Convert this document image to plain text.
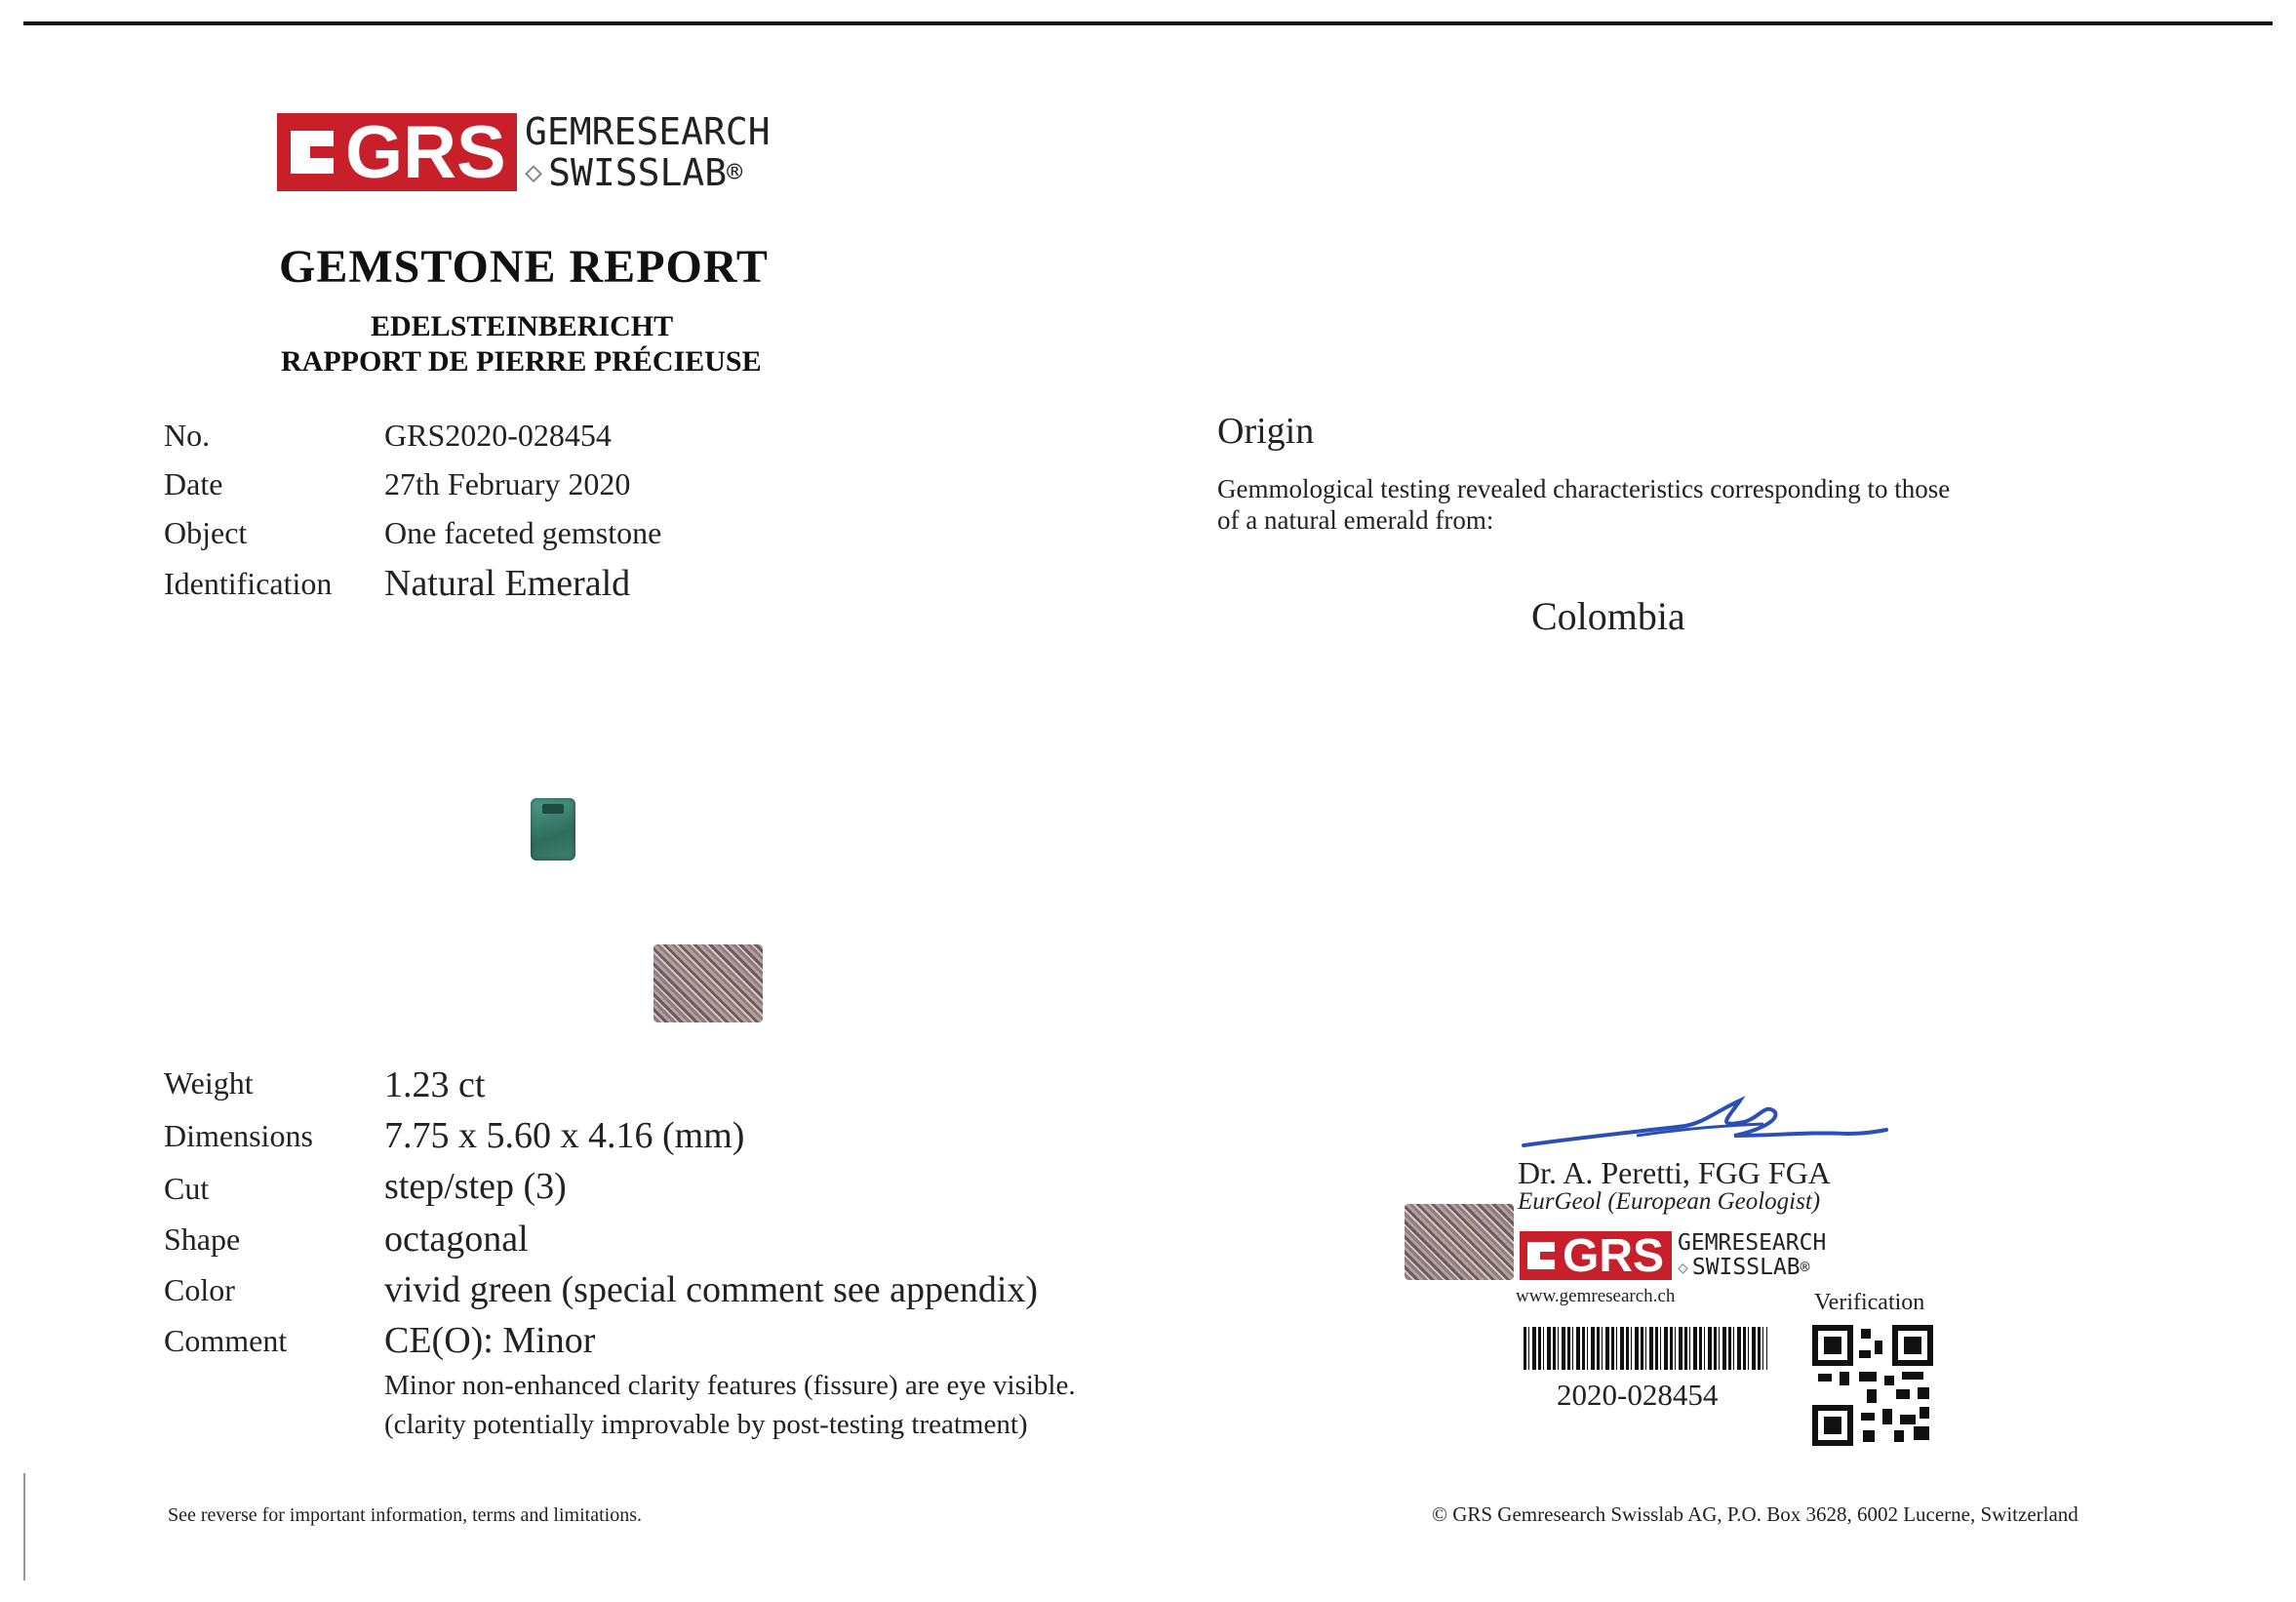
GRS GEMRESEARCH
◇ SWISSLAB ®
GEMSTONE REPORT
EDELSTEINBERICHT
RAPPORT DE PIERRE PRÉCIEUSE
No.	GRS2020-028454
Date	27th February 2020
Object	One faceted gemstone
Identification Natural Emerald
Origin
Gemmological testing revealed characteristics corresponding to those
of a natural emerald from:
Colombia
Weight	1.23 ct
Dimensions 7.75 x 5.60 x 4.16 (mm)
Cut	step/step (3)
Shape	octagonal
Color	vivid green (special comment see appendix)
Comment	CE(O): Minor
Minor non-enhanced clarity features (fissure) are eye visible.
(clarity potentially improvable by post-testing treatment)
Dr. A. Peretti, FGG FGA
EurGeol (European Geologist)
GRS GEMRESEARCH
◇ SWISSLAB ®
www.gemresearch.ch	Verification
2020-028454
See reverse for important information, terms and limitations.	© GRS Gemresearch Swisslab AG, P.O. Box 3628, 6002 Lucerne, Switzerland
